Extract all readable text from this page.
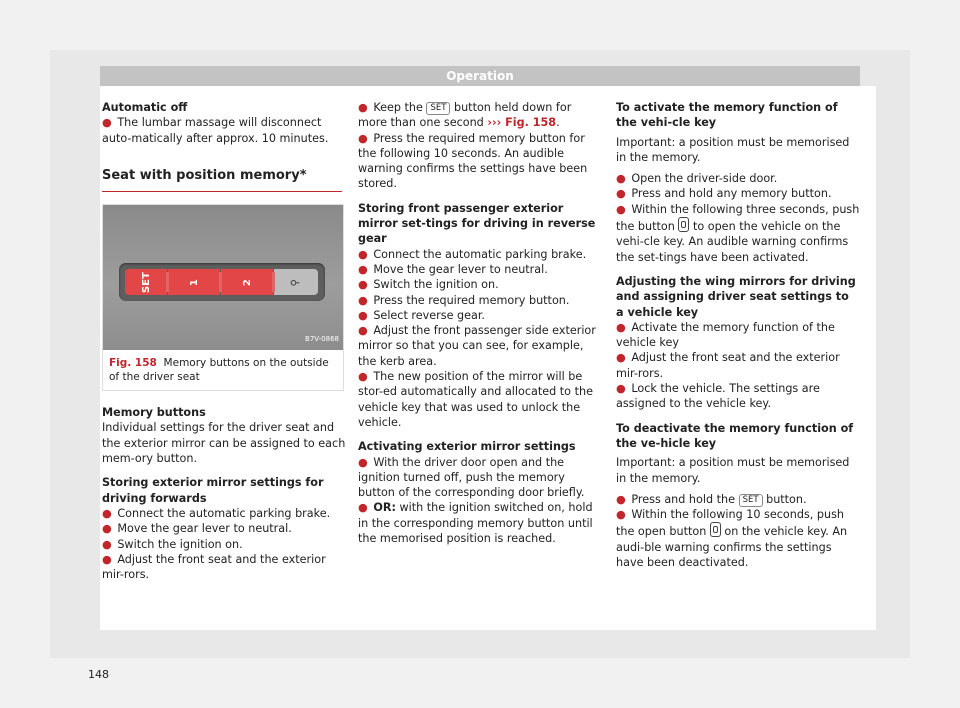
Operation

Automatic off

● The lumbar massage will disconnect auto-matically after approx. 10 minutes.

Seat with position memory*
SET	1	2	⚲
B7V-0868
Fig. 158 Memory buttons on the outside of the driver seat

Memory buttons

Individual settings for the driver seat and the exterior mirror can be assigned to each mem-ory button.

Storing exterior mirror settings for driving forwards

● Connect the automatic parking brake.

● Move the gear lever to neutral.

● Switch the ignition on.

● Adjust the front seat and the exterior mir-rors.

● Keep the SET button held down for more than one second ››› Fig. 158.

● Press the required memory button for the following 10 seconds. An audible warning confirms the settings have been stored.

Storing front passenger exterior mirror set-tings for driving in reverse gear

● Connect the automatic parking brake.

● Move the gear lever to neutral.

● Switch the ignition on.

● Press the required memory button.

● Select reverse gear.

● Adjust the front passenger side exterior mirror so that you can see, for example, the kerb area.

● The new position of the mirror will be stor-ed automatically and allocated to the vehicle key that was used to unlock the vehicle.

Activating exterior mirror settings

● With the driver door open and the ignition turned off, push the memory button of the corresponding door briefly.

● OR: with the ignition switched on, hold in the corresponding memory button until the memorised position is reached.

To activate the memory function of the vehi-cle key

Important: a position must be memorised in the memory.

● Open the driver-side door.

● Press and hold any memory button.

● Within the following three seconds, push the button to open the vehicle on the vehi-cle key. An audible warning confirms the set-tings have been activated.

Adjusting the wing mirrors for driving and assigning driver seat settings to a vehicle key

● Activate the memory function of the vehicle key

● Adjust the front seat and the exterior mir-rors.

● Lock the vehicle. The settings are assigned to the vehicle key.

To deactivate the memory function of the ve-hicle key

Important: a position must be memorised in the memory.

● Press and hold the SET button.

● Within the following 10 seconds, push the open button on the vehicle key. An audi-ble warning confirms the settings have been deactivated.

148
